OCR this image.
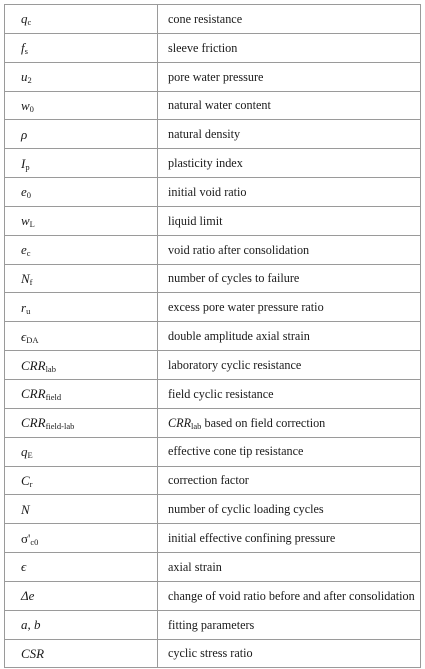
$q_c$	cone resistance
$f_s$	sleeve friction
$u_2$	pore water pressure
$w_0$	natural water content
ρ	natural density
$I_p$	plasticity index
$e_0$	initial void ratio
$w_L$	liquid limit
$e_c$	void ratio after consolidation
$N_f$	number of cycles to failure
$r_u$	excess pore water pressure ratio
$\epsilon_{DA}$	double amplitude axial strain
$CRR_{lab}$	laboratory cyclic resistance
$CRR_{field}$	field cyclic resistance
$CRR_{field-lab}$	$CRR_{lab}$ based on field correction
$q_E$	effective cone tip resistance
$C_r$	correction factor
N	number of cyclic loading cycles
$\sigma'_{c0}$	initial effective confining pressure
ϵ	axial strain
Δe	change of void ratio before and after consolidation
a, b	fitting parameters
CSR	cyclic stress ratio
